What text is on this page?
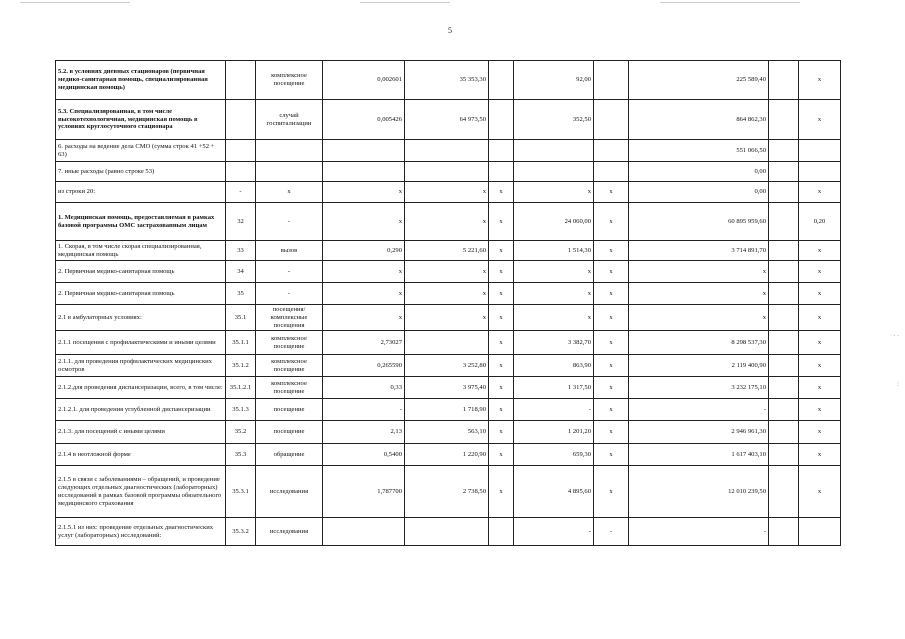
5
5.2. в условиях дневных стационаров (первичная медико-санитарная помощь, специализированная медицинская помощь)		комплексное посещение	0,002601	35 353,30		92,00		225 589,40		х
5.3. Специализированная, в том числе высокотехнологичная, медицинская помощь в условиях круглосуточного стационара		случай госпитализации	0,005426	64 973,50		352,50		864 862,30		х
6. расходы на ведение дела СМО (сумма строк 41 +52 + 63)								551 066,50		
7. иные расходы (равно строке 53)								0,00		
из строки 20:	-	х	х	х	х	х	х	0,00		х
1. Медицинская помощь, предоставляемая в рамках базовой программы ОМС застрахованным лицам	32	-	х	х	х	24 060,00	х	60 895 959,60		0,20
1. Скорая, в том числе скорая специализированная, медицинская помощь	33	вызов	0,290	5 221,60	х	1 514,30	х	3 714 891,70		х
2. Первичная медико-санитарная помощь	34	-	х	х	х	х	х	х		х
2. Первичная медико-санитарная помощь	35	-	х	х	х	х	х	х		х
2.1 в амбулаторных условиях:	35.1	посещения/комплексные посещения	х	х	х	х	х	х		х
2.1.1 посещения с профилактическими и иными целями	35.1.1	комплексное посещение	2,73027		х	3 382,70	х	8 298 537,30		х
2.1.1. для проведения профилактических медицинских осмотров	35.1.2	комплексное посещение	0,265590	3 252,80	х	863,90	х	2 119 400,90		х
2.1.2.для проведения диспансеризации, всего, в том числе:	35.1.2.1	комплексное посещение	0,33	3 975,40	х	1 317,50	х	3 232 175,10		х
2.1.2.1. для проведения углубленной диспансеризации	35.1.3	посещение	-	1 718,90	х	-	х	-		х
2.1.3. для посещений с иными целями	35.2	посещение	2,13	563,10	х	1 201,20	х	2 946 961,30		х
2.1.4 в неотложной форме	35.3	обращение	0,5400	1 220,90	х	659,30	х	1 617 403,10		х
2.1.5 в связи с заболеваниями – обращений, и проведение следующих отдельных диагностических (лабораторных) исследований в рамках базовой программы обязательного медицинского страхования	35.3.1	исследования	1,787700	2 738,50	х	4 895,60	х	12 010 239,50		х
2.1.5.1 из них: проведение отдельных диагностических услуг (лабораторных) исследований:	35.3.2	исследования				-	-	-		
. .
:
